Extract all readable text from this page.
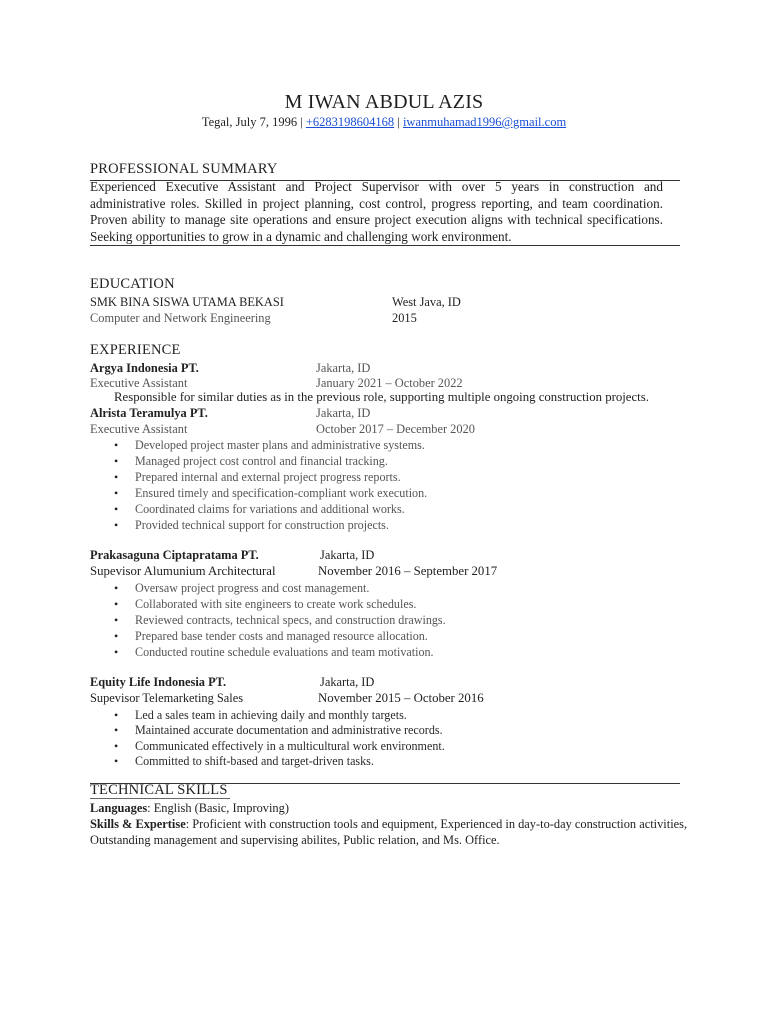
M IWAN ABDUL AZIS
Tegal, July 7, 1996 | +6283198604168 | iwanmuhamad1996@gmail.com
PROFESSIONAL SUMMARY
Experienced Executive Assistant and Project Supervisor with over 5 years in construction and administrative roles. Skilled in project planning, cost control, progress reporting, and team coordination. Proven ability to manage site operations and ensure project execution aligns with technical specifications. Seeking opportunities to grow in a dynamic and challenging work environment.
EDUCATION
SMK BINA SISWA UTAMA BEKASI	West Java, ID
Computer and Network Engineering	2015
EXPERIENCE
Argya Indonesia PT.	Jakarta, ID
Executive Assistant	January 2021 – October 2022
Responsible for similar duties as in the previous role, supporting multiple ongoing construction projects.
Alrista Teramulya PT.	Jakarta, ID
Executive Assistant	October 2017 – December 2020
• Developed project master plans and administrative systems.
• Managed project cost control and financial tracking.
• Prepared internal and external project progress reports.
• Ensured timely and specification-compliant work execution.
• Coordinated claims for variations and additional works.
• Provided technical support for construction projects.
Prakasaguna Ciptapratama PT.	Jakarta, ID
Supevisor Alumunium Architectural	November 2016 – September 2017
• Oversaw project progress and cost management.
• Collaborated with site engineers to create work schedules.
• Reviewed contracts, technical specs, and construction drawings.
• Prepared base tender costs and managed resource allocation.
• Conducted routine schedule evaluations and team motivation.
Equity Life Indonesia PT.	Jakarta, ID
Supevisor Telemarketing Sales	November 2015 – October 2016
• Led a sales team in achieving daily and monthly targets.
• Maintained accurate documentation and administrative records.
• Communicated effectively in a multicultural work environment.
• Committed to shift-based and target-driven tasks.
TECHNICAL SKILLS
Languages: English (Basic, Improving)
Skills & Expertise: Proficient with construction tools and equipment, Experienced in day-to-day construction activities, Outstanding management and supervising abilites, Public relation, and Ms. Office.
